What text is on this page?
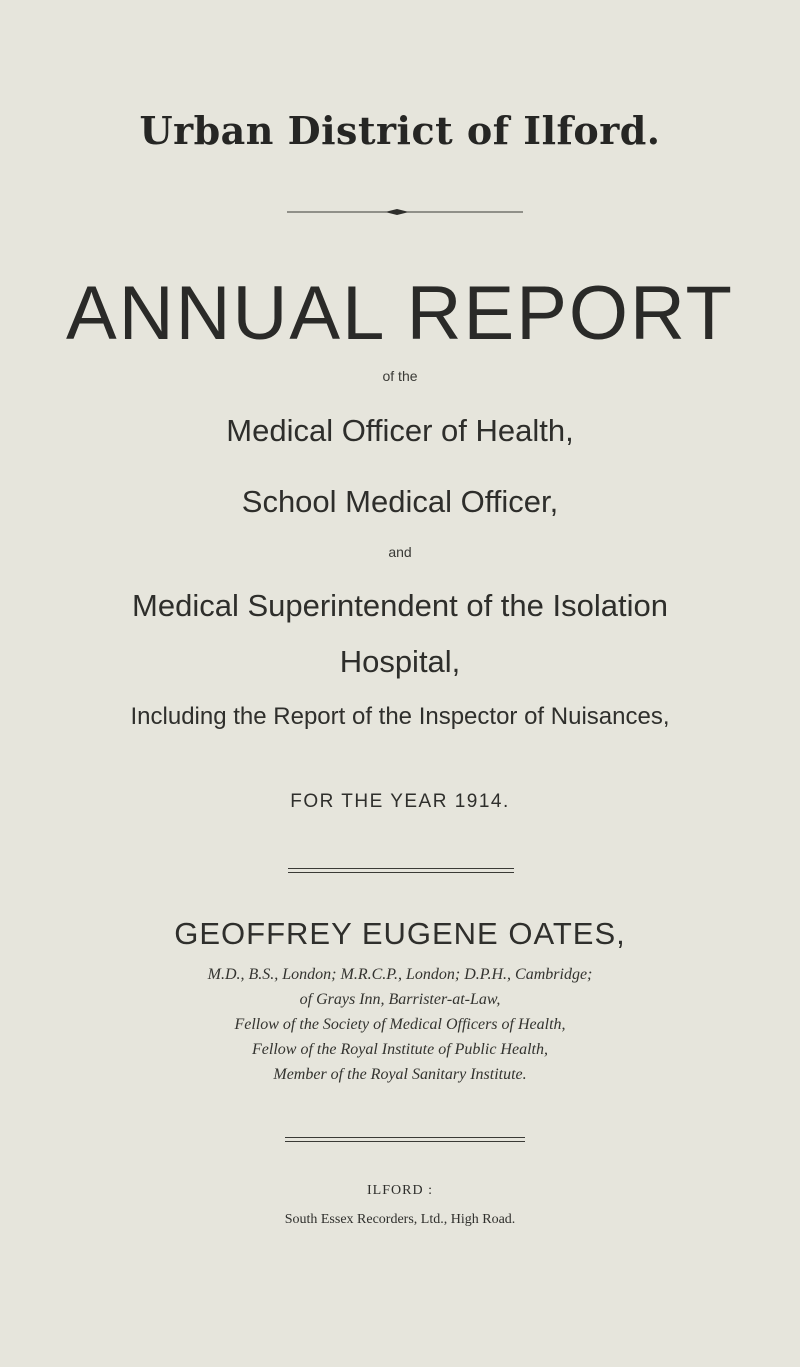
Urban District of Ilford.
ANNUAL REPORT
of the
Medical Officer of Health,
School Medical Officer,
and
Medical Superintendent of the Isolation
Hospital,
Including the Report of the Inspector of Nuisances,
FOR THE YEAR 1914.
GEOFFREY EUGENE OATES,
M.D., B.S., London; M.R.C.P., London; D.P.H., Cambridge;
of Grays Inn, Barrister-at-Law,
Fellow of the Society of Medical Officers of Health,
Fellow of the Royal Institute of Public Health,
Member of the Royal Sanitary Institute.
ILFORD :
South Essex Recorders, Ltd., High Road.
